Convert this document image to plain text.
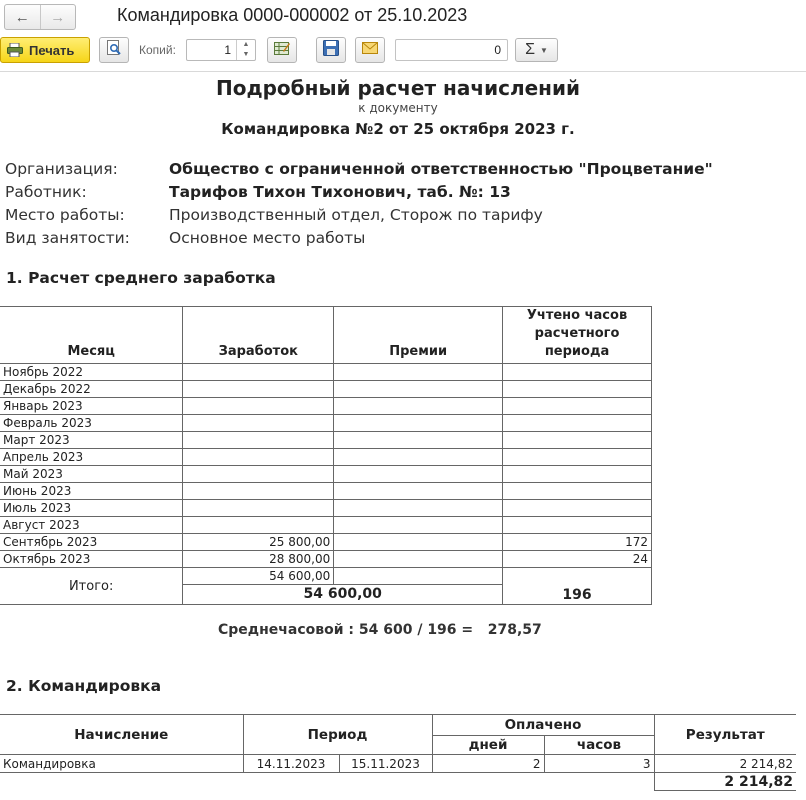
←	→	Командировка 0000-000002 от 25.10.2023
Печать	Копий:	1	▲
▼	0 Σ ▼
Подробный расчет начислений
к документу
Командировка №2 от 25 октября 2023 г.
Организация:	Общество с ограниченной ответственностью "Процветание"
Работник:	Тарифов Тихон Тихонович, таб. №: 13
Место работы:	Производственный отдел, Сторож по тарифу
Вид занятости:	Основное место работы
1. Расчет среднего заработка
Месяц	Заработок	Премии	Учтено часов расчетного периода
Ноябрь 2022			
Декабрь 2022			
Январь 2023			
Февраль 2023			
Март 2023			
Апрель 2023			
Май 2023			
Июнь 2023			
Июль 2023			
Август 2023			
Сентябрь 2023	25 800,00		172
Октябрь 2023	28 800,00		24
Итого:	54 600,00		196
	54 600,00		
Среднечасовой : 54 600 / 196 =   278,57
2. Командировка
Начисление	Период		Оплачено		Результат
			дней	часов	
Командировка	14.11.2023	15.11.2023	2	3	2 214,82
					2 214,82
